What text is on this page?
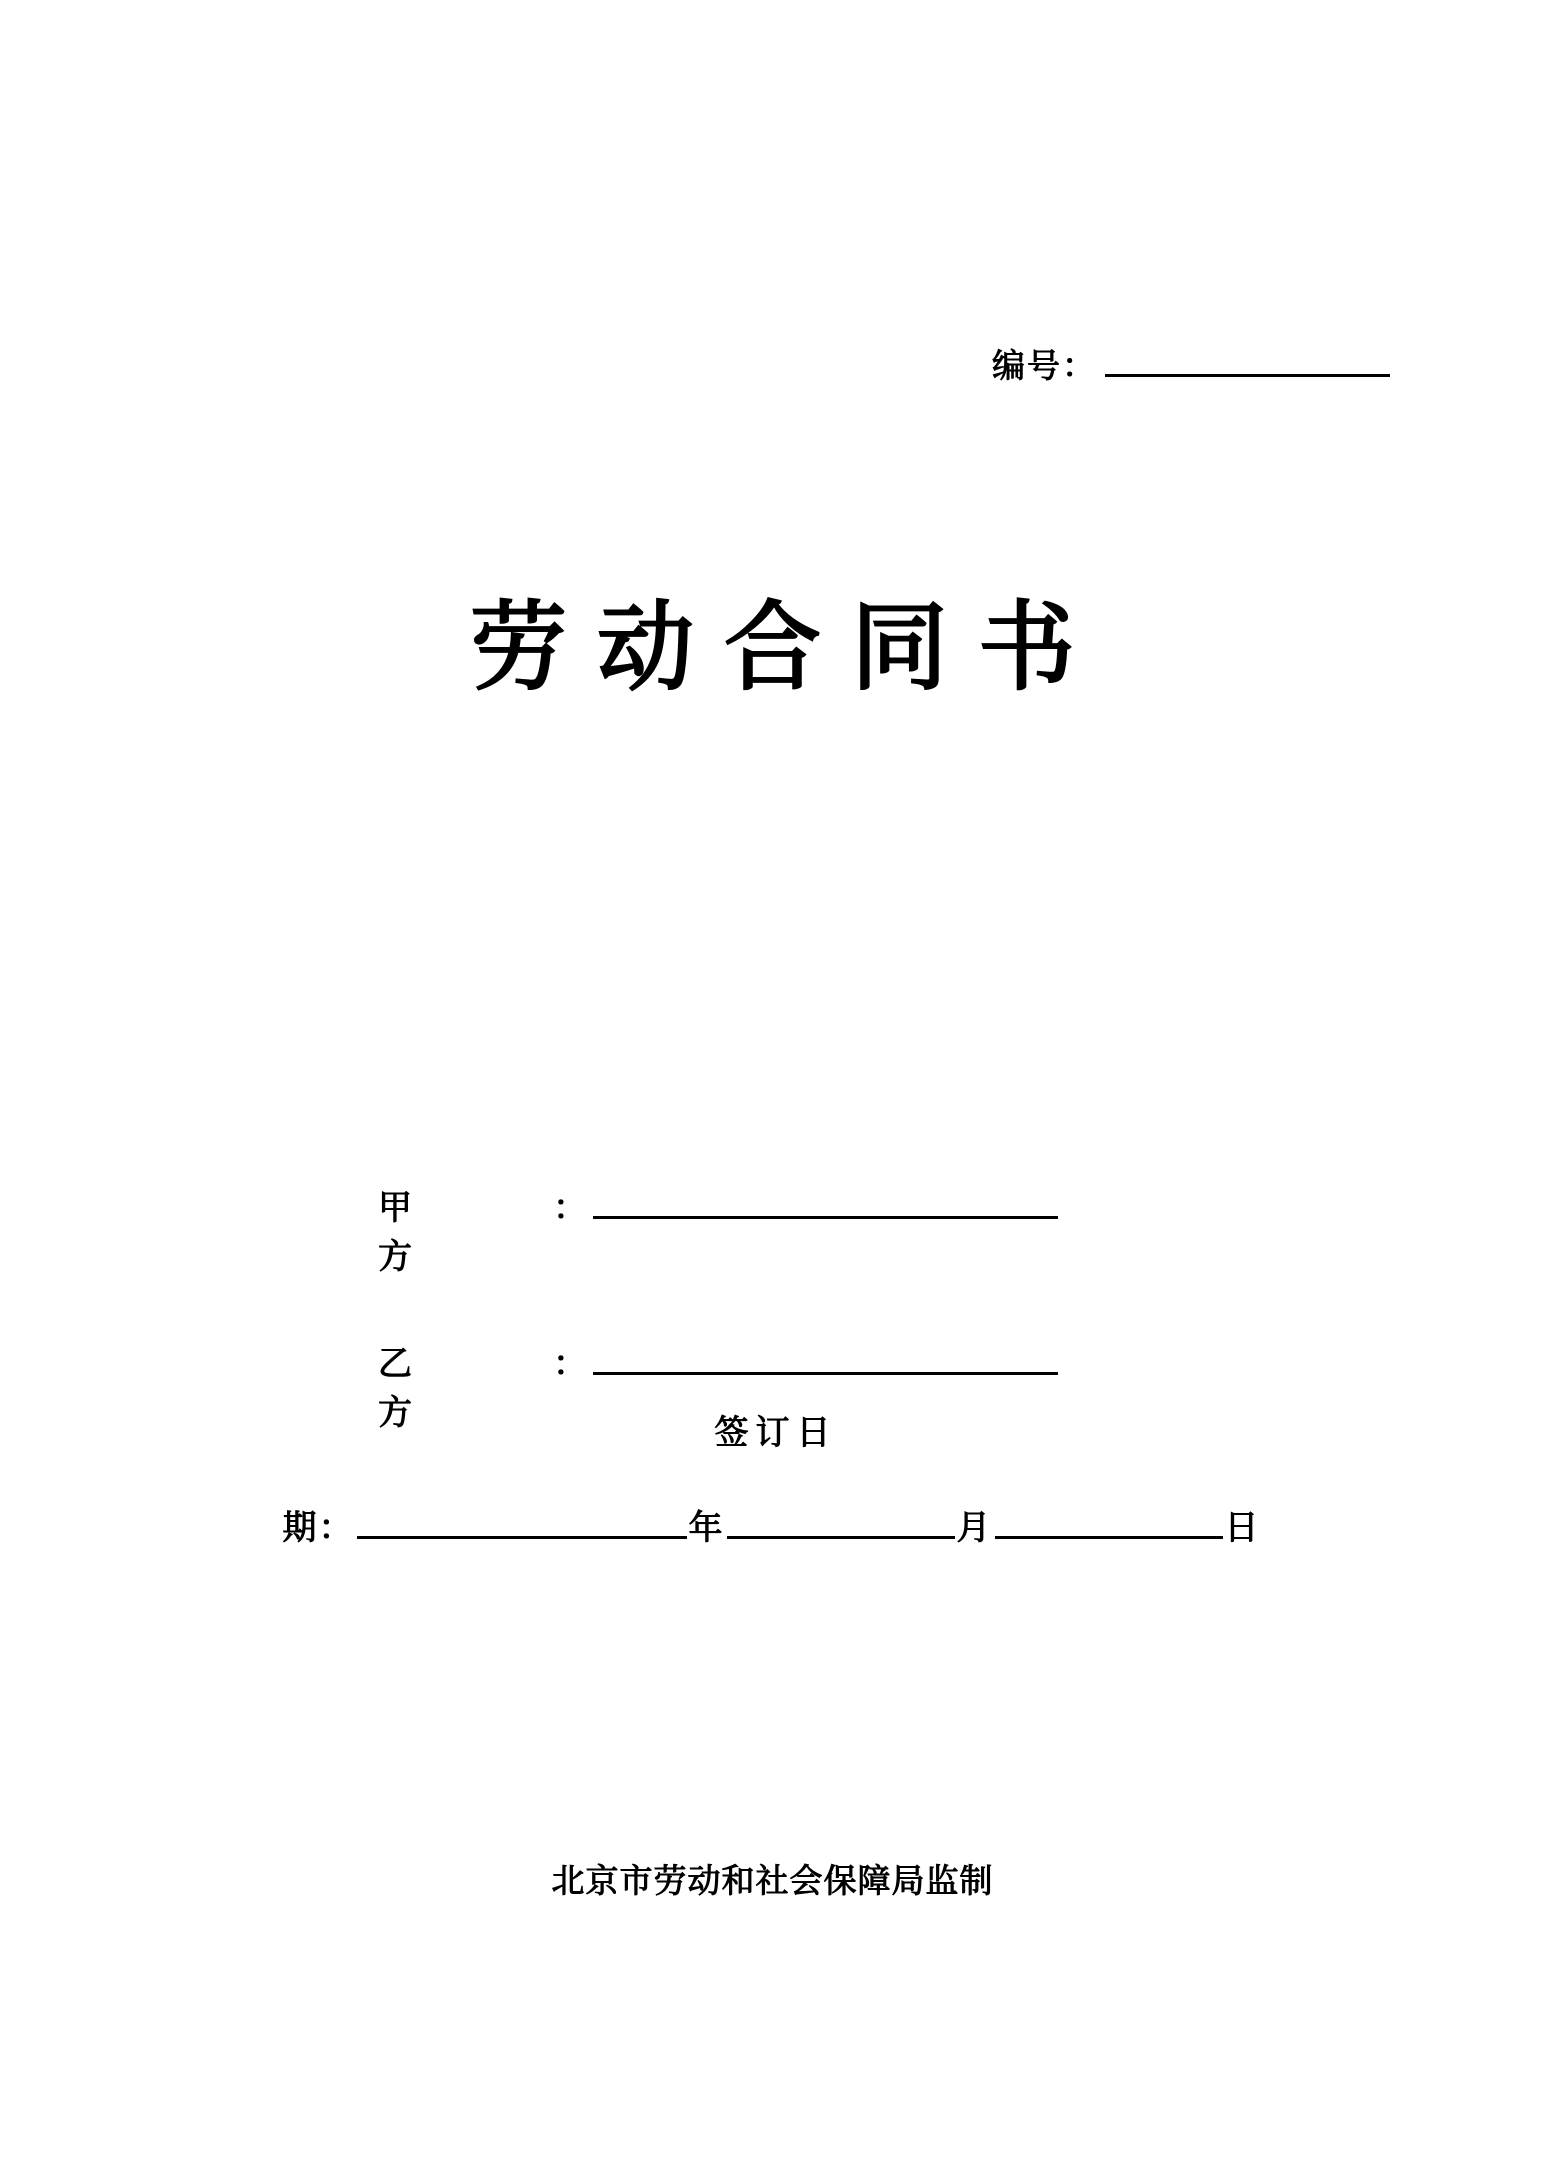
编号：
劳动合同书
甲方
：
乙方
：
签订日
期：	年	月	日
北京市劳动和社会保障局监制
